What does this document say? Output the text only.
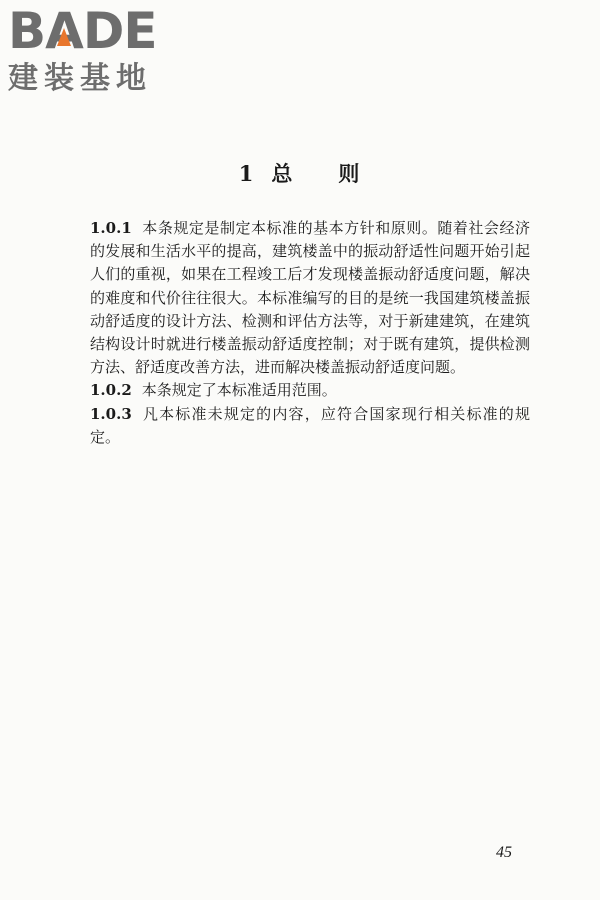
BADE
建装基地
1 总 则

1.0.1 本条规定是制定本标准的基本方针和原则。随着社会经济的发展和生活水平的提高，建筑楼盖中的振动舒适性问题开始引起人们的重视，如果在工程竣工后才发现楼盖振动舒适度问题，解决的难度和代价往往很大。本标准编写的目的是统一我国建筑楼盖振动舒适度的设计方法、检测和评估方法等，对于新建建筑，在建筑结构设计时就进行楼盖振动舒适度控制；对于既有建筑，提供检测方法、舒适度改善方法，进而解决楼盖振动舒适度问题。

1.0.2 本条规定了本标准适用范围。

1.0.3 凡本标准未规定的内容，应符合国家现行相关标准的规定。

45
